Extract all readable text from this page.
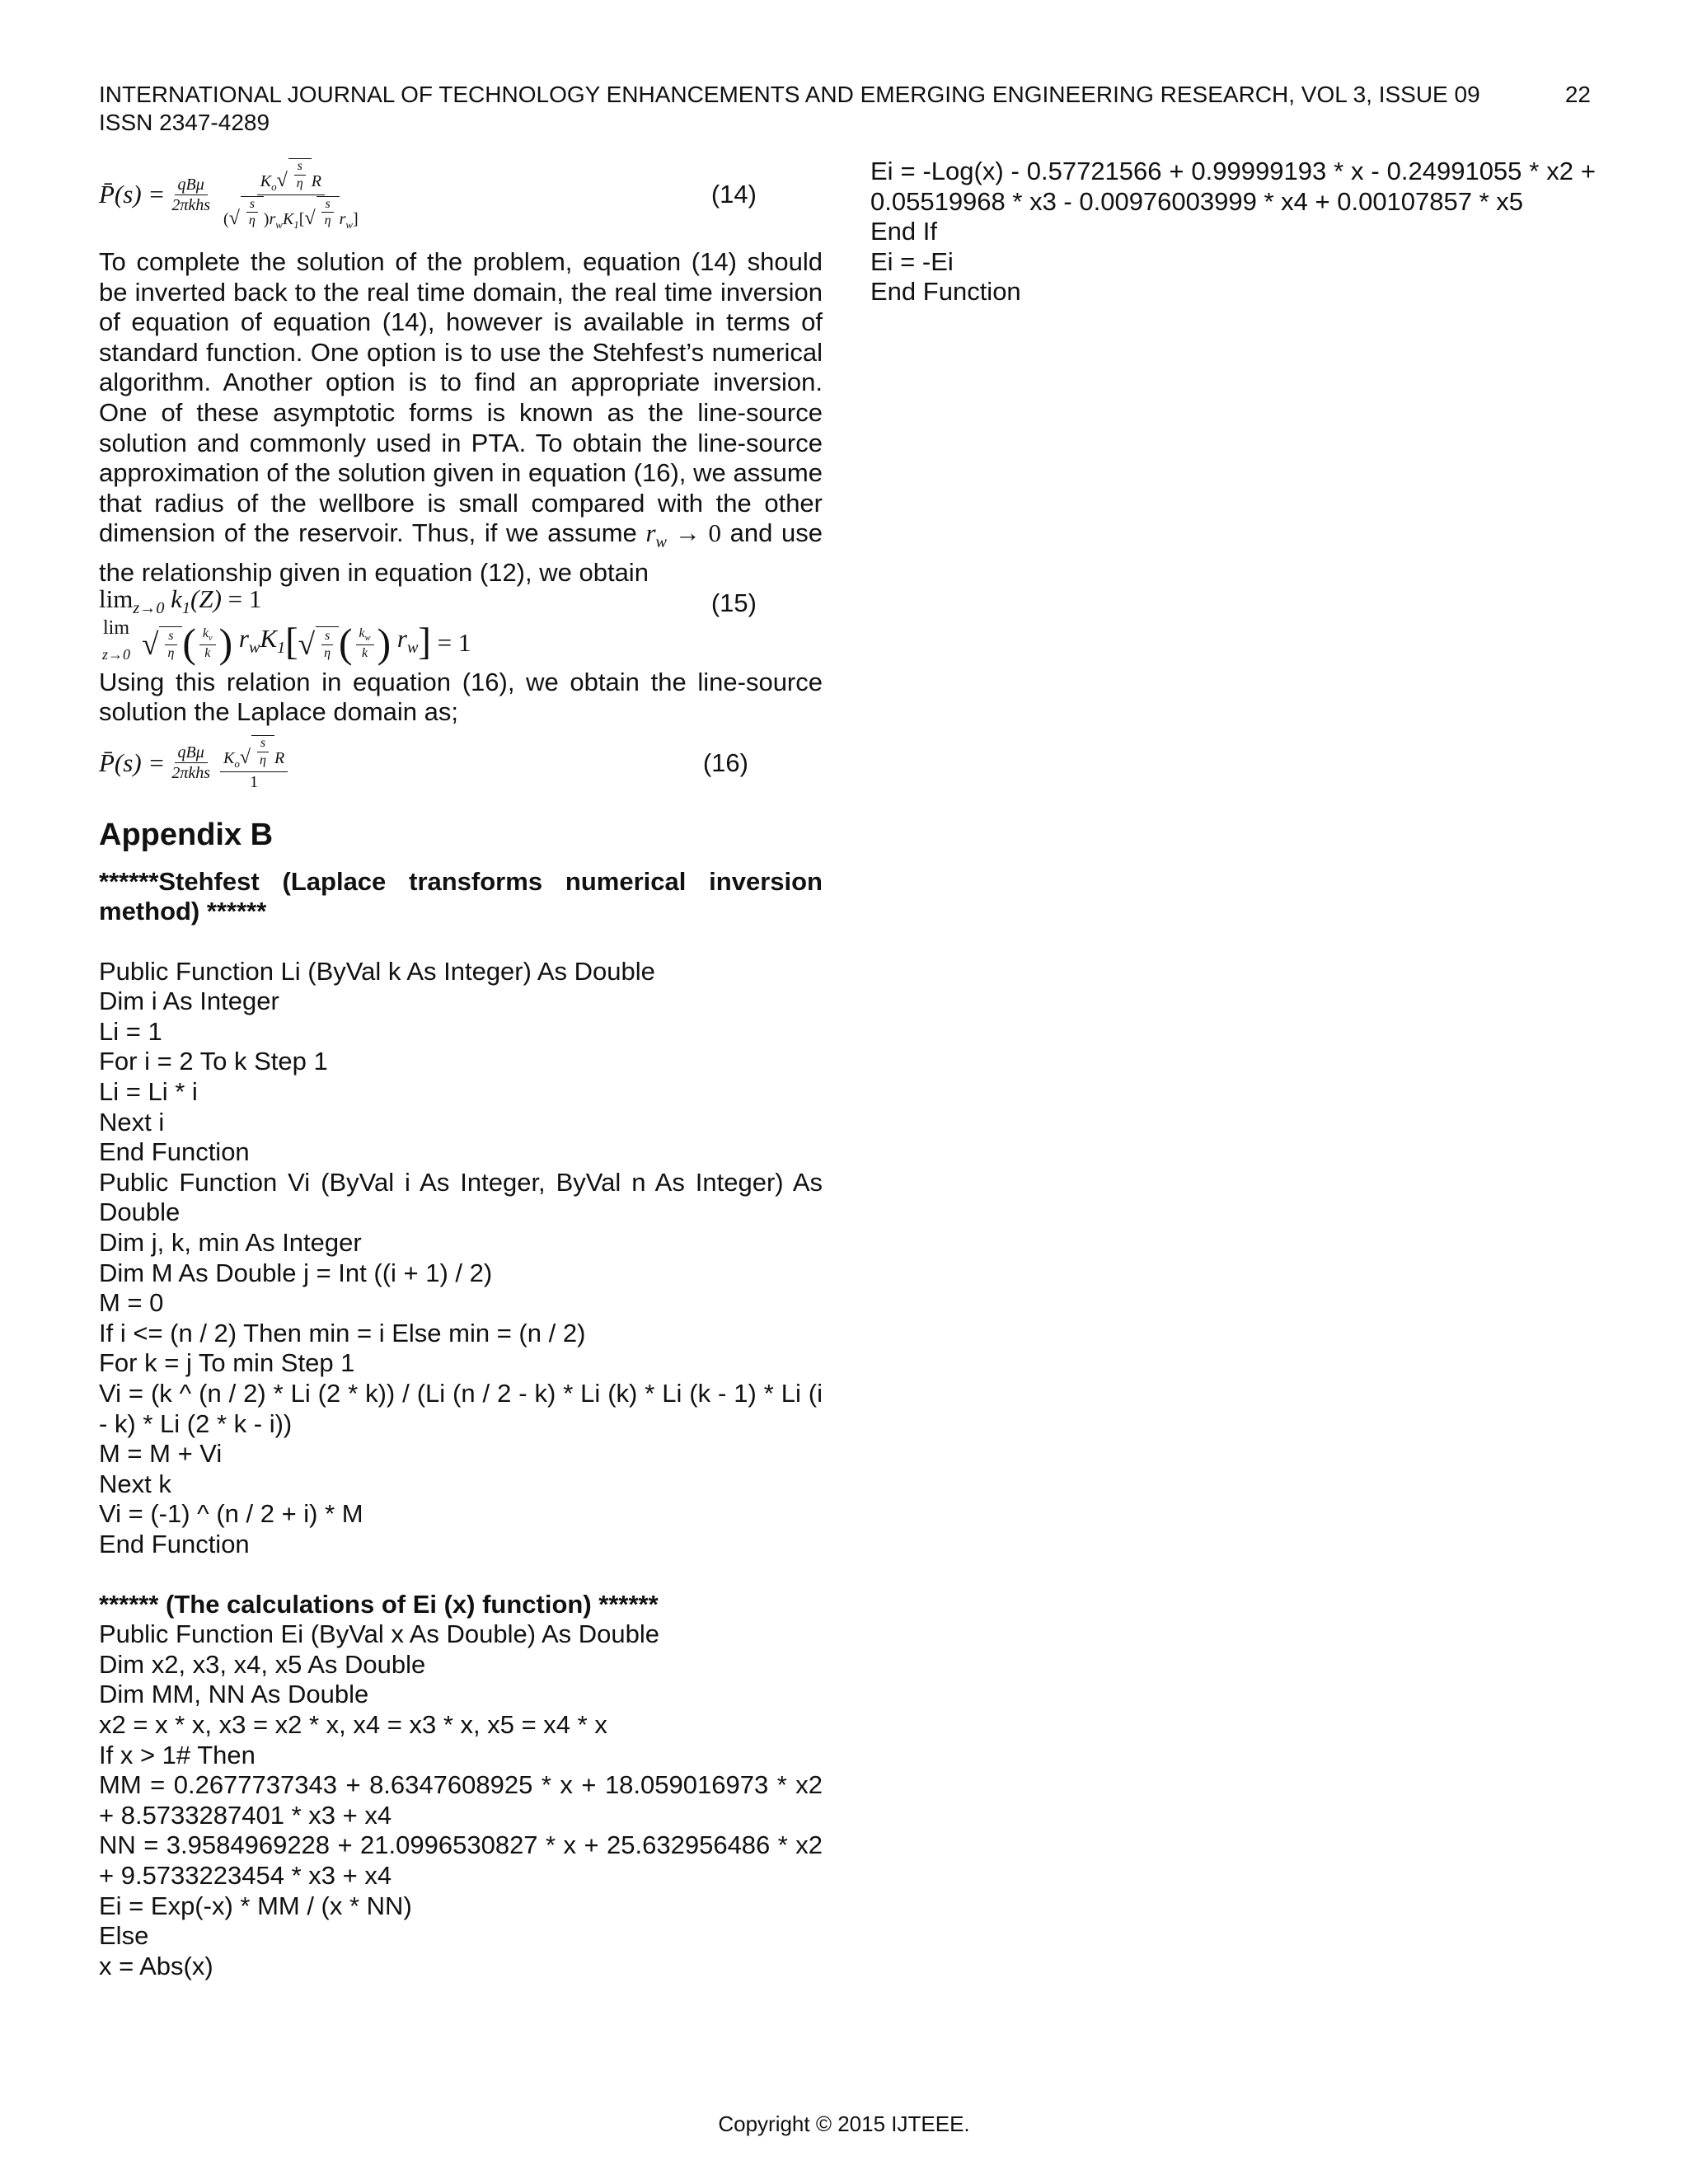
INTERNATIONAL JOURNAL OF TECHNOLOGY ENHANCEMENTS AND EMERGING ENGINEERING RESEARCH, VOL 3, ISSUE 09	22
ISSN 2347-4289
P̄(s) = $\frac{\text{qBμ}}{\text{2πkhs}} \frac{K_o √ \frac{s}{\eta} R}{( √ \frac{s}{\eta} )r_wK_1[ √ \frac{s}{\eta} r_w]}$	(14)

To complete the solution of the problem, equation (14) should be inverted back to the real time domain, the real time inversion of equation of equation (14), however is available in terms of standard function. One option is to use the Stehfest’s numerical algorithm. Another option is to find an appropriate inversion. One of these asymptotic forms is known as the line-source solution and commonly used in PTA. To obtain the line-source approximation of the solution given in equation (16), we assume that radius of the wellbore is small compared with the other dimension of the reservoir. Thus, if we assume $r_w \to 0$ and use the relationship given in equation (12), we obtain

$\lim_{z\to 0} k_1(Z) = 1$	(15)
lim
z→0 √ $\frac{s}{\eta}$ ( $\frac{k_v}{k}$ ) $r_wK_1$ [ √ $\frac{s}{\eta}$ ( $\frac{k_w}{k}$ ) $r_w$ ] = 1

Using this relation in equation (16), we obtain the line-source solution the Laplace domain as;

P̄(s) = $\frac{\text{qBμ}}{\text{2πkhs}} \frac{K_o √ \frac{s}{\eta} R}{1}$	(16)
Appendix B

******Stehfest (Laplace transforms numerical inversion method) ******

Public Function Li (ByVal k As Integer) As Double

Dim i As Integer

Li = 1

For i = 2 To k Step 1

Li = Li * i

Next i

End Function

Public Function Vi (ByVal i As Integer, ByVal n As Integer) As Double

Dim j, k, min As Integer

Dim M As Double j = Int ((i + 1) / 2)

M = 0

If i <= (n / 2) Then min = i Else min = (n / 2)

For k = j To min Step 1

Vi = (k ^ (n / 2) * Li (2 * k)) / (Li (n / 2 - k) * Li (k) * Li (k - 1) * Li (i - k) * Li (2 * k - i))

M = M + Vi

Next k

Vi = (-1) ^ (n / 2 + i) * M

End Function

****** (The calculations of Ei (x) function) ******

Public Function Ei (ByVal x As Double) As Double

Dim x2, x3, x4, x5 As Double

Dim MM, NN As Double

x2 = x * x, x3 = x2 * x, x4 = x3 * x, x5 = x4 * x

If x > 1# Then

MM = 0.2677737343 + 8.6347608925 * x + 18.059016973 * x2 + 8.5733287401 * x3 + x4

NN = 3.9584969228 + 21.0996530827 * x + 25.632956486 * x2 + 9.5733223454 * x3 + x4

Ei = Exp(-x) * MM / (x * NN)

Else

x = Abs(x)

Ei = -Log(x) - 0.57721566 + 0.99999193 * x - 0.24991055 * x2 + 0.05519968 * x3 - 0.00976003999 * x4 + 0.00107857 * x5

End If

Ei = -Ei

End Function

Copyright © 2015 IJTEEE.
